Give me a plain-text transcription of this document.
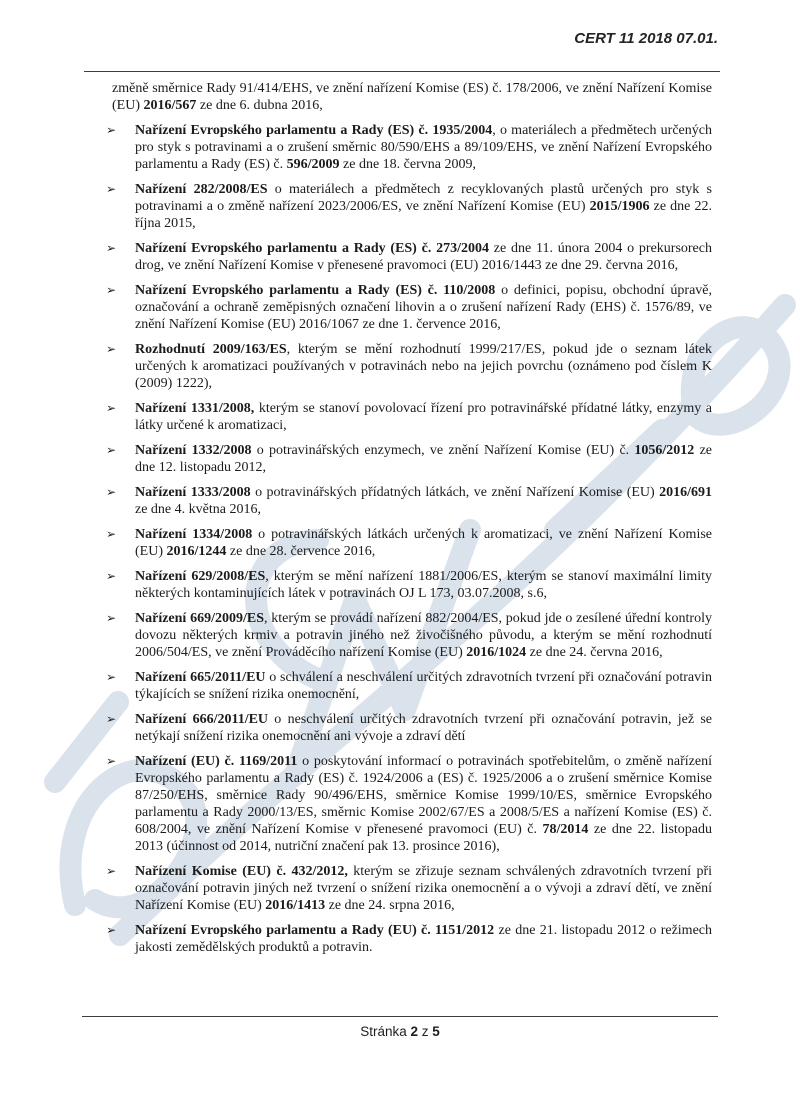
CERT 11 2018 07.01.
změně směrnice Rady 91/414/EHS, ve znění nařízení Komise (ES) č. 178/2006, ve znění Nařízení Komise (EU) 2016/567 ze dne 6. dubna 2016,
➢ Nařízení Evropského parlamentu a Rady (ES) č. 1935/2004, o materiálech a předmětech určených pro styk s potravinami a o zrušení směrnic 80/590/EHS a 89/109/EHS, ve znění Nařízení Evropského parlamentu a Rady (ES) č. 596/2009 ze dne 18. června 2009,
➢ Nařízení 282/2008/ES o materiálech a předmětech z recyklovaných plastů určených pro styk s potravinami a o změně nařízení 2023/2006/ES, ve znění Nařízení Komise (EU) 2015/1906 ze dne 22. října 2015,
➢ Nařízení Evropského parlamentu a Rady (ES) č. 273/2004 ze dne 11. února 2004 o prekursorech drog, ve znění Nařízení Komise v přenesené pravomoci (EU) 2016/1443 ze dne 29. června 2016,
➢ Nařízení Evropského parlamentu a Rady (ES) č. 110/2008 o definici, popisu, obchodní úpravě, označování a ochraně zeměpisných označení lihovin a o zrušení nařízení Rady (EHS) č. 1576/89, ve znění Nařízení Komise (EU) 2016/1067 ze dne 1. července 2016,
➢ Rozhodnutí 2009/163/ES, kterým se mění rozhodnutí 1999/217/ES, pokud jde o seznam látek určených k aromatizaci používaných v potravinách nebo na jejich povrchu (oznámeno pod číslem K (2009) 1222),
➢ Nařízení 1331/2008, kterým se stanoví povolovací řízení pro potravinářské přídatné látky, enzymy a látky určené k aromatizaci,
➢ Nařízení 1332/2008 o potravinářských enzymech, ve znění Nařízení Komise (EU) č. 1056/2012 ze dne 12. listopadu 2012,
➢ Nařízení 1333/2008 o potravinářských přídatných látkách, ve znění Nařízení Komise (EU) 2016/691 ze dne 4. května 2016,
➢ Nařízení 1334/2008 o potravinářských látkách určených k aromatizaci, ve znění Nařízení Komise (EU) 2016/1244 ze dne 28. července 2016,
➢ Nařízení 629/2008/ES, kterým se mění nařízení 1881/2006/ES, kterým se stanoví maximální limity některých kontaminujících látek v potravinách OJ L 173, 03.07.2008, s.6,
➢ Nařízení 669/2009/ES, kterým se provádí nařízení 882/2004/ES, pokud jde o zesílené úřední kontroly dovozu některých krmiv a potravin jiného než živočišného původu, a kterým se mění rozhodnutí 2006/504/ES, ve znění Prováděcího nařízení Komise (EU) 2016/1024 ze dne 24. června 2016,
➢ Nařízení 665/2011/EU o schválení a neschválení určitých zdravotních tvrzení při označování potravin týkajících se snížení rizika onemocnění,
➢ Nařízení 666/2011/EU o neschválení určitých zdravotních tvrzení při označování potravin, jež se netýkají snížení rizika onemocnění ani vývoje a zdraví dětí
➢ Nařízení (EU) č. 1169/2011 o poskytování informací o potravinách spotřebitelům, o změně nařízení Evropského parlamentu a Rady (ES) č. 1924/2006 a (ES) č. 1925/2006 a o zrušení směrnice Komise 87/250/EHS, směrnice Rady 90/496/EHS, směrnice Komise 1999/10/ES, směrnice Evropského parlamentu a Rady 2000/13/ES, směrnic Komise 2002/67/ES a 2008/5/ES a nařízení Komise (ES) č. 608/2004, ve znění Nařízení Komise v přenesené pravomoci (EU) č. 78/2014 ze dne 22. listopadu 2013 (účinnost od 2014, nutriční značení pak 13. prosince 2016),
➢ Nařízení Komise (EU) č. 432/2012, kterým se zřizuje seznam schválených zdravotních tvrzení při označování potravin jiných než tvrzení o snížení rizika onemocnění a o vývoji a zdraví dětí, ve znění Nařízení Komise (EU) 2016/1413 ze dne 24. srpna 2016,
➢ Nařízení Evropského parlamentu a Rady (EU) č. 1151/2012 ze dne 21. listopadu 2012 o režimech jakosti zemědělských produktů a potravin.
Stránka 2 z 5
